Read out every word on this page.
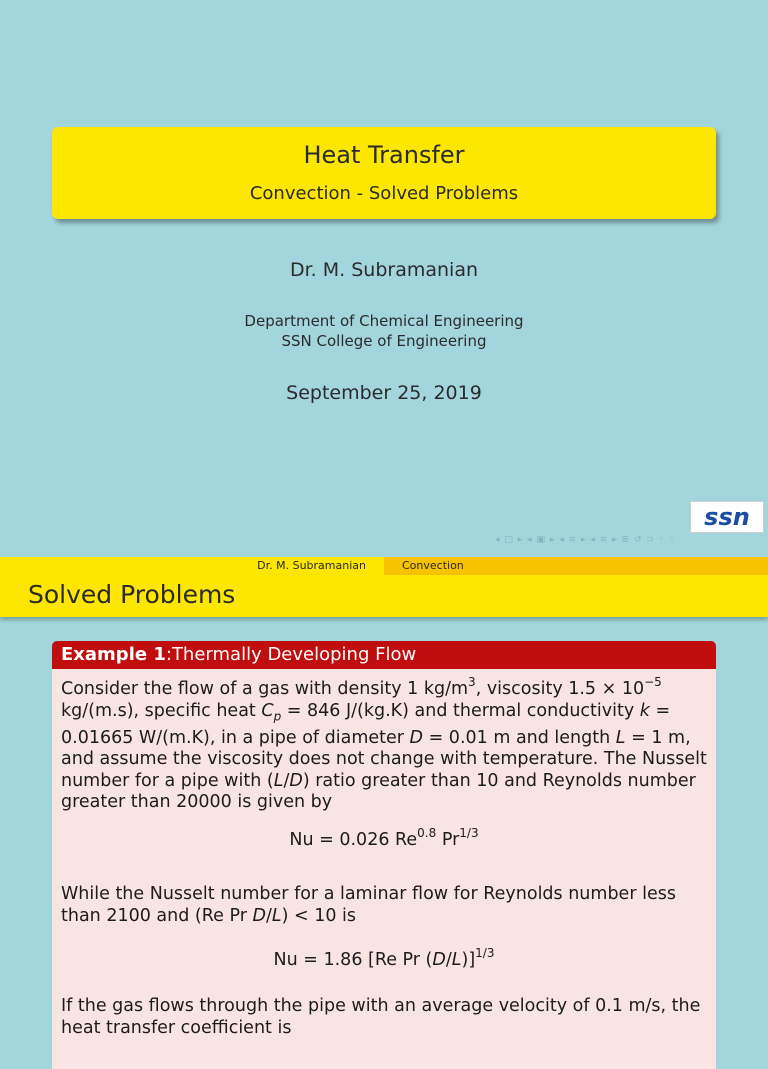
Heat Transfer
Convection - Solved Problems
Dr. M. Subramanian
Department of Chemical Engineering
SSN College of Engineering
September 25, 2019
ssn
◂ □ ▸ ◂ ▣ ▸ ◂ ≡ ▸ ◂ ≡ ▸ ≣ ↺ ⊃ ◦ ◦
Dr. M. Subramanian	Convection
Solved Problems
Example 1:Thermally Developing Flow

Consider the flow of a gas with density 1 $kg/m^3$, viscosity $1.5 \times 10^{-5}$ kg/(m.s), specific heat $C_p = 846$ J/(kg.K) and thermal conductivity k = 0.01665 W/(m.K), in a pipe of diameter D = 0.01 m and length L = 1 m, and assume the viscosity does not change with temperature. The Nusselt number for a pipe with (L/D) ratio greater than 10 and Reynolds number greater than 20000 is given by

Nu = 0.026 $Re^{0.8}$ $Pr^{1/3}$

While the Nusselt number for a laminar flow for Reynolds number less than 2100 and (Re Pr D/L) < 10 is

Nu = 1.86 [Re Pr (D/L)]$^{1/3}$

If the gas flows through the pipe with an average velocity of 0.1 m/s, the heat transfer coefficient is
